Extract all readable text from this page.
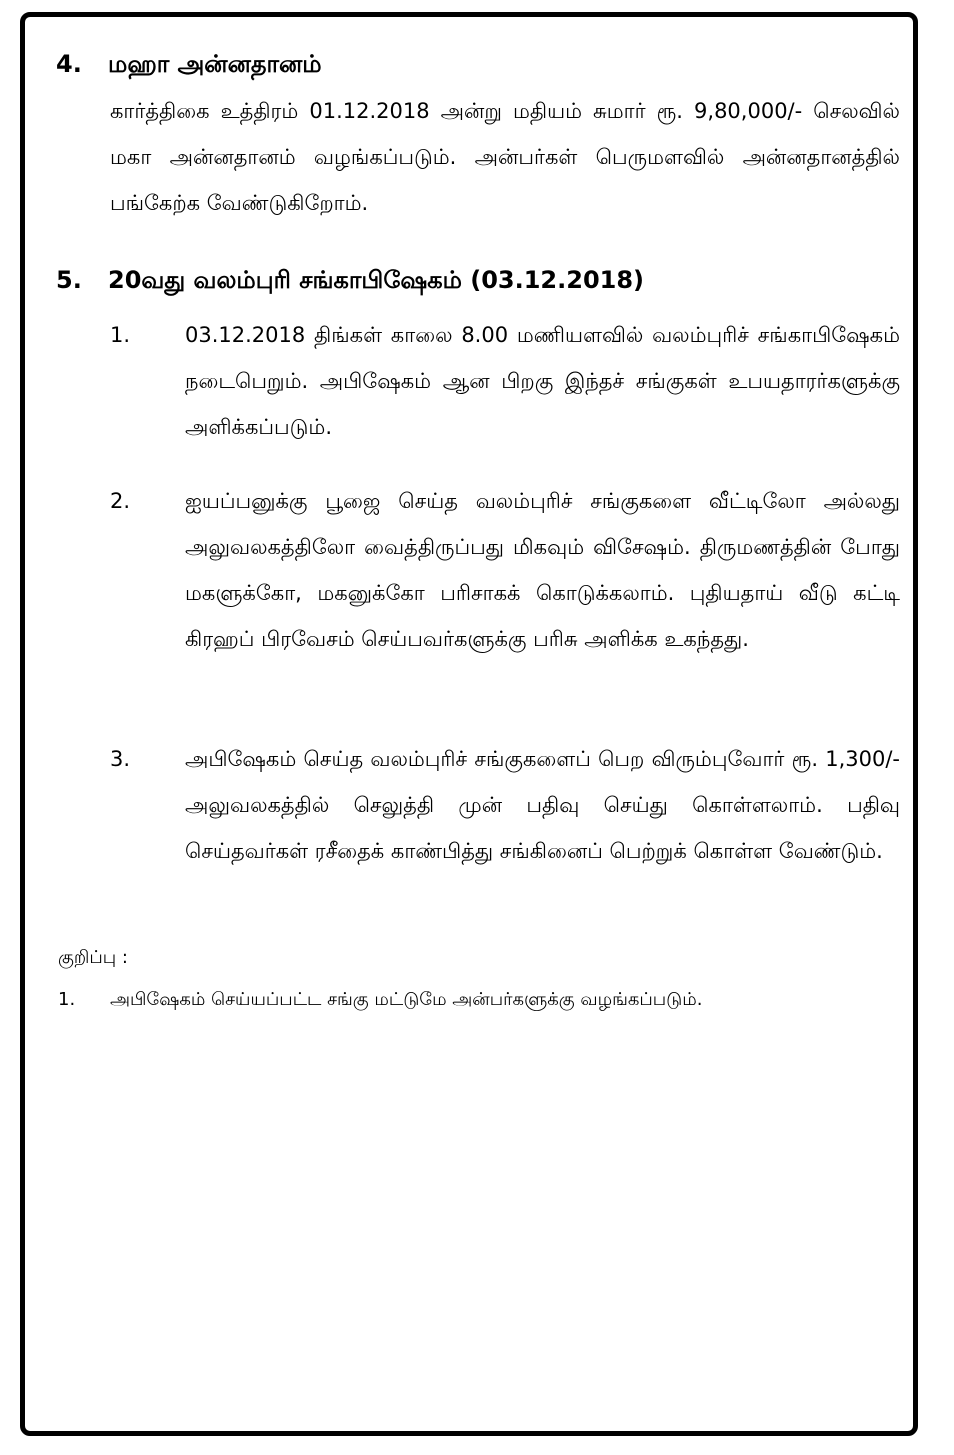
4. மஹா அன்னதானம்
கார்த்திகை உத்திரம் 01.12.2018 அன்று மதியம் சுமார் ரூ. 9,80,000/- செலவில் மகா அன்னதானம் வழங்கப்படும். அன்பர்கள் பெருமளவில் அன்னதானத்தில் பங்கேற்க வேண்டுகிறோம்.
5. 20வது வலம்புரி சங்காபிஷேகம் (03.12.2018)
1.	03.12.2018 திங்கள் காலை 8.00 மணியளவில் வலம்புரிச் சங்காபிஷேகம் நடைபெறும். அபிஷேகம் ஆன பிறகு இந்தச் சங்குகள் உபயதாரர்களுக்கு அளிக்கப்படும்.
2.	ஐயப்பனுக்கு பூஜை செய்த வலம்புரிச் சங்குகளை வீட்டிலோ அல்லது அலுவலகத்திலோ வைத்திருப்பது மிகவும் விசேஷம். திருமணத்தின் போது மகளுக்கோ, மகனுக்கோ பரிசாகக் கொடுக்கலாம். புதியதாய் வீடு கட்டி கிரஹப் பிரவேசம் செய்பவர்களுக்கு பரிசு அளிக்க உகந்தது.
3.	அபிஷேகம் செய்த வலம்புரிச் சங்குகளைப் பெற விரும்புவோர் ரூ. 1,300/- அலுவலகத்தில் செலுத்தி முன் பதிவு செய்து கொள்ளலாம். பதிவு செய்தவர்கள் ரசீதைக் காண்பித்து சங்கினைப் பெற்றுக் கொள்ள வேண்டும்.
குறிப்பு :
1. அபிஷேகம் செய்யப்பட்ட சங்கு மட்டுமே அன்பர்களுக்கு வழங்கப்படும்.
